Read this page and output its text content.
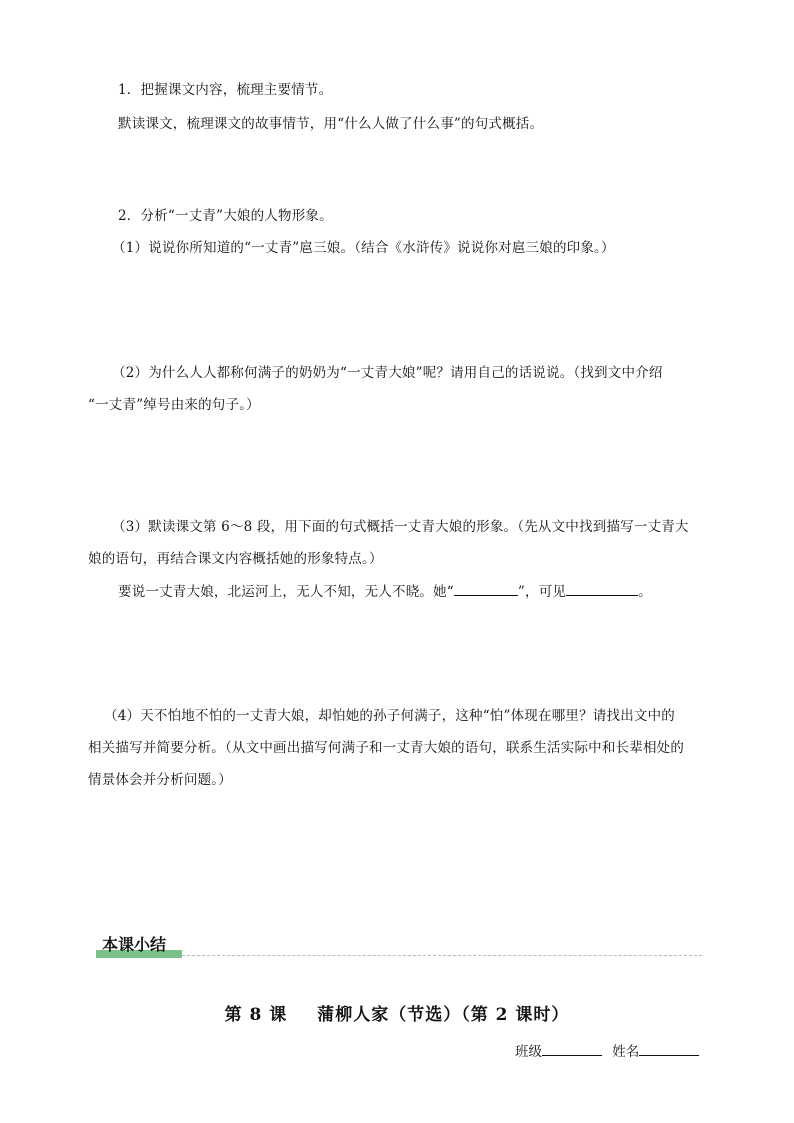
1．把握课文内容，梳理主要情节。
默读课文，梳理课文的故事情节，用“什么人做了什么事”的句式概括。
2．分析“一丈青”大娘的人物形象。
（1）说说你所知道的“一丈青”扈三娘。（结合《水浒传》说说你对扈三娘的印象。）
（2）为什么人人都称何满子的奶奶为“一丈青大娘”呢？请用自己的话说说。（找到文中介绍
“一丈青”绰号由来的句子。）
（3）默读课文第 6～8 段，用下面的句式概括一丈青大娘的形象。（先从文中找到描写一丈青大
娘的语句，再结合课文内容概括她的形象特点。）
要说一丈青大娘，北运河上，无人不知，无人不晓。她“	”，可见	。
（4）天不怕地不怕的一丈青大娘，却怕她的孙子何满子，这种“怕”体现在哪里？请找出文中的
相关描写并简要分析。（从文中画出描写何满子和一丈青大娘的语句，联系生活实际中和长辈相处的
情景体会并分析问题。）
本课小结
第 8 课 蒲柳人家（节选）（第 2 课时）
班级	姓名
